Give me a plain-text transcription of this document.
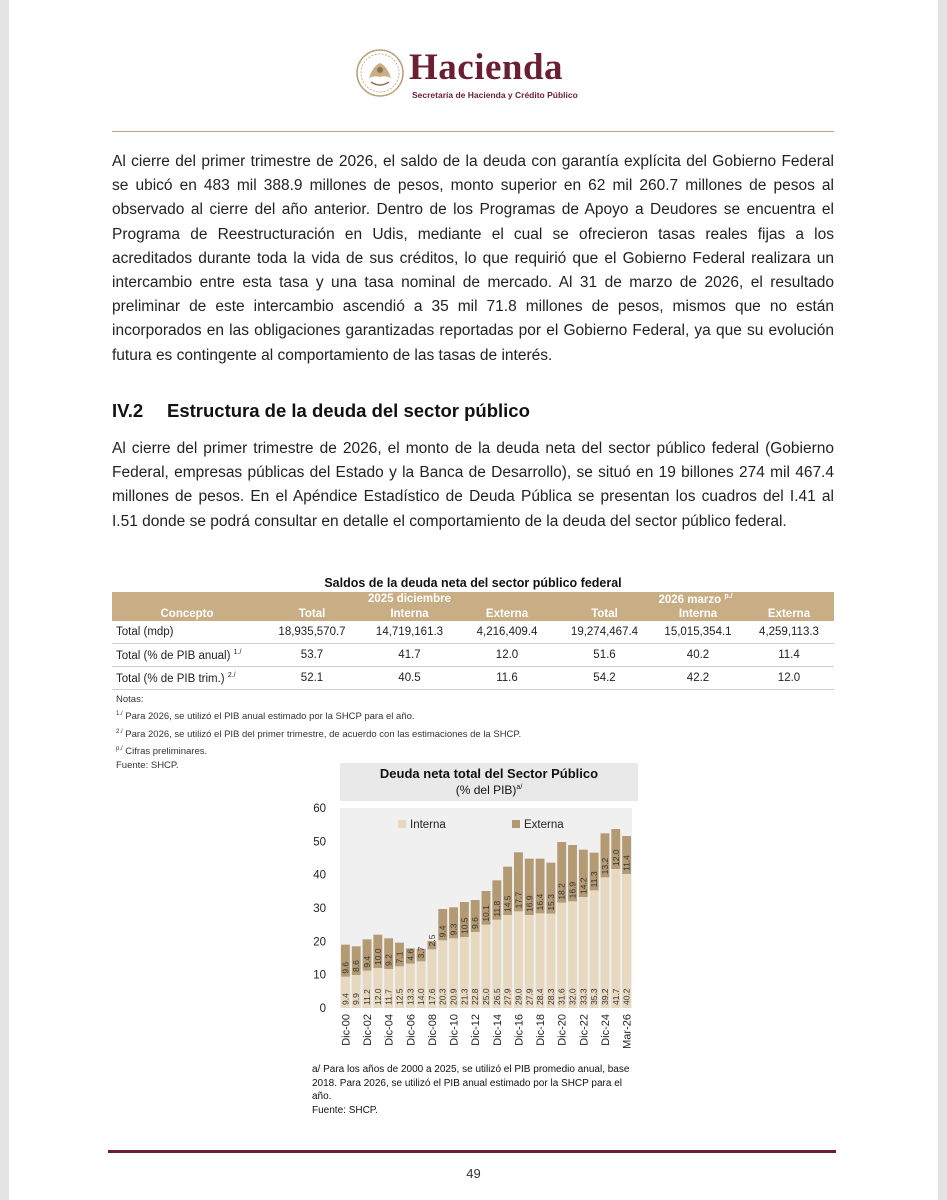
Hacienda
Secretaría de Hacienda y Crédito Público
Al cierre del primer trimestre de 2026, el saldo de la deuda con garantía explícita del Gobierno Federal se ubicó en 483 mil 388.9 millones de pesos, monto superior en 62 mil 260.7 millones de pesos al observado al cierre del año anterior. Dentro de los Programas de Apoyo a Deudores se encuentra el Programa de Reestructuración en Udis, mediante el cual se ofrecieron tasas reales fijas a los acreditados durante toda la vida de sus créditos, lo que requirió que el Gobierno Federal realizara un intercambio entre esta tasa y una tasa nominal de mercado. Al 31 de marzo de 2026, el resultado preliminar de este intercambio ascendió a 35 mil 71.8 millones de pesos, mismos que no están incorporados en las obligaciones garantizadas reportadas por el Gobierno Federal, ya que su evolución futura es contingente al comportamiento de las tasas de interés.
IV.2 Estructura de la deuda del sector público
Al cierre del primer trimestre de 2026, el monto de la deuda neta del sector público federal (Gobierno Federal, empresas públicas del Estado y la Banca de Desarrollo), se situó en 19 billones 274 mil 467.4 millones de pesos. En el Apéndice Estadístico de Deuda Pública se presentan los cuadros del I.41 al I.51 donde se podrá consultar en detalle el comportamiento de la deuda del sector público federal.
Saldos de la deuda neta del sector público federal
	2025 diciembre			2026 marzo $^{p./}$
Concepto	Total	Interna	Externa	Total	Interna	Externa
Total (mdp)	18,935,570.7	14,719,161.3	4,216,409.4	19,274,467.4	15,015,354.1	4,259,113.3
Total (% de PIB anual) $^{1./}$	53.7	41.7	12.0	51.6	40.2	11.4
Total (% de PIB trim.) $^{2./}$	52.1	40.5	11.6	54.2	42.2	12.0
Notas:
$^{1./}$ Para 2026, se utilizó el PIB anual estimado por la SHCP para el año.
$^{2./}$ Para 2026, se utilizó el PIB del primer trimestre, de acuerdo con las estimaciones de la SHCP.
$^{p./}$ Cifras preliminares.
Fuente: SHCP.
Deuda neta total del Sector Público
(% del PIB)$^{a/}$
0
10
20
30
40
50
60
9.4
9.6
Dic-00
9.9
8.6
11.2
9.4
Dic-02
12.0
10.0
11.7
9.2
Dic-04
12.5
7.1
13.3
4.6
Dic-06
14.0
3.7
17.6
2.5
Dic-08
20.3
9.4
20.9
9.3
Dic-10
21.3
10.5
22.8
9.6
Dic-12
25.0
10.1
26.5
11.8
Dic-14
27.9
14.5
29.0
17.7
Dic-16
27.9
16.9
28.4
16.4
Dic-18
28.3
15.3
31.6
18.2
Dic-20
32.0
16.9
33.3
14.2
Dic-22
35.3
11.3
39.2
13.2
Dic-24
41.7
12.0
40.2
11.4
Mar-26
Interna	Externa
a/ Para los años de 2000 a 2025, se utilizó el PIB promedio anual, base 2018. Para 2026, se utilizó el PIB anual estimado por la SHCP para el año.
Fuente: SHCP.
49
